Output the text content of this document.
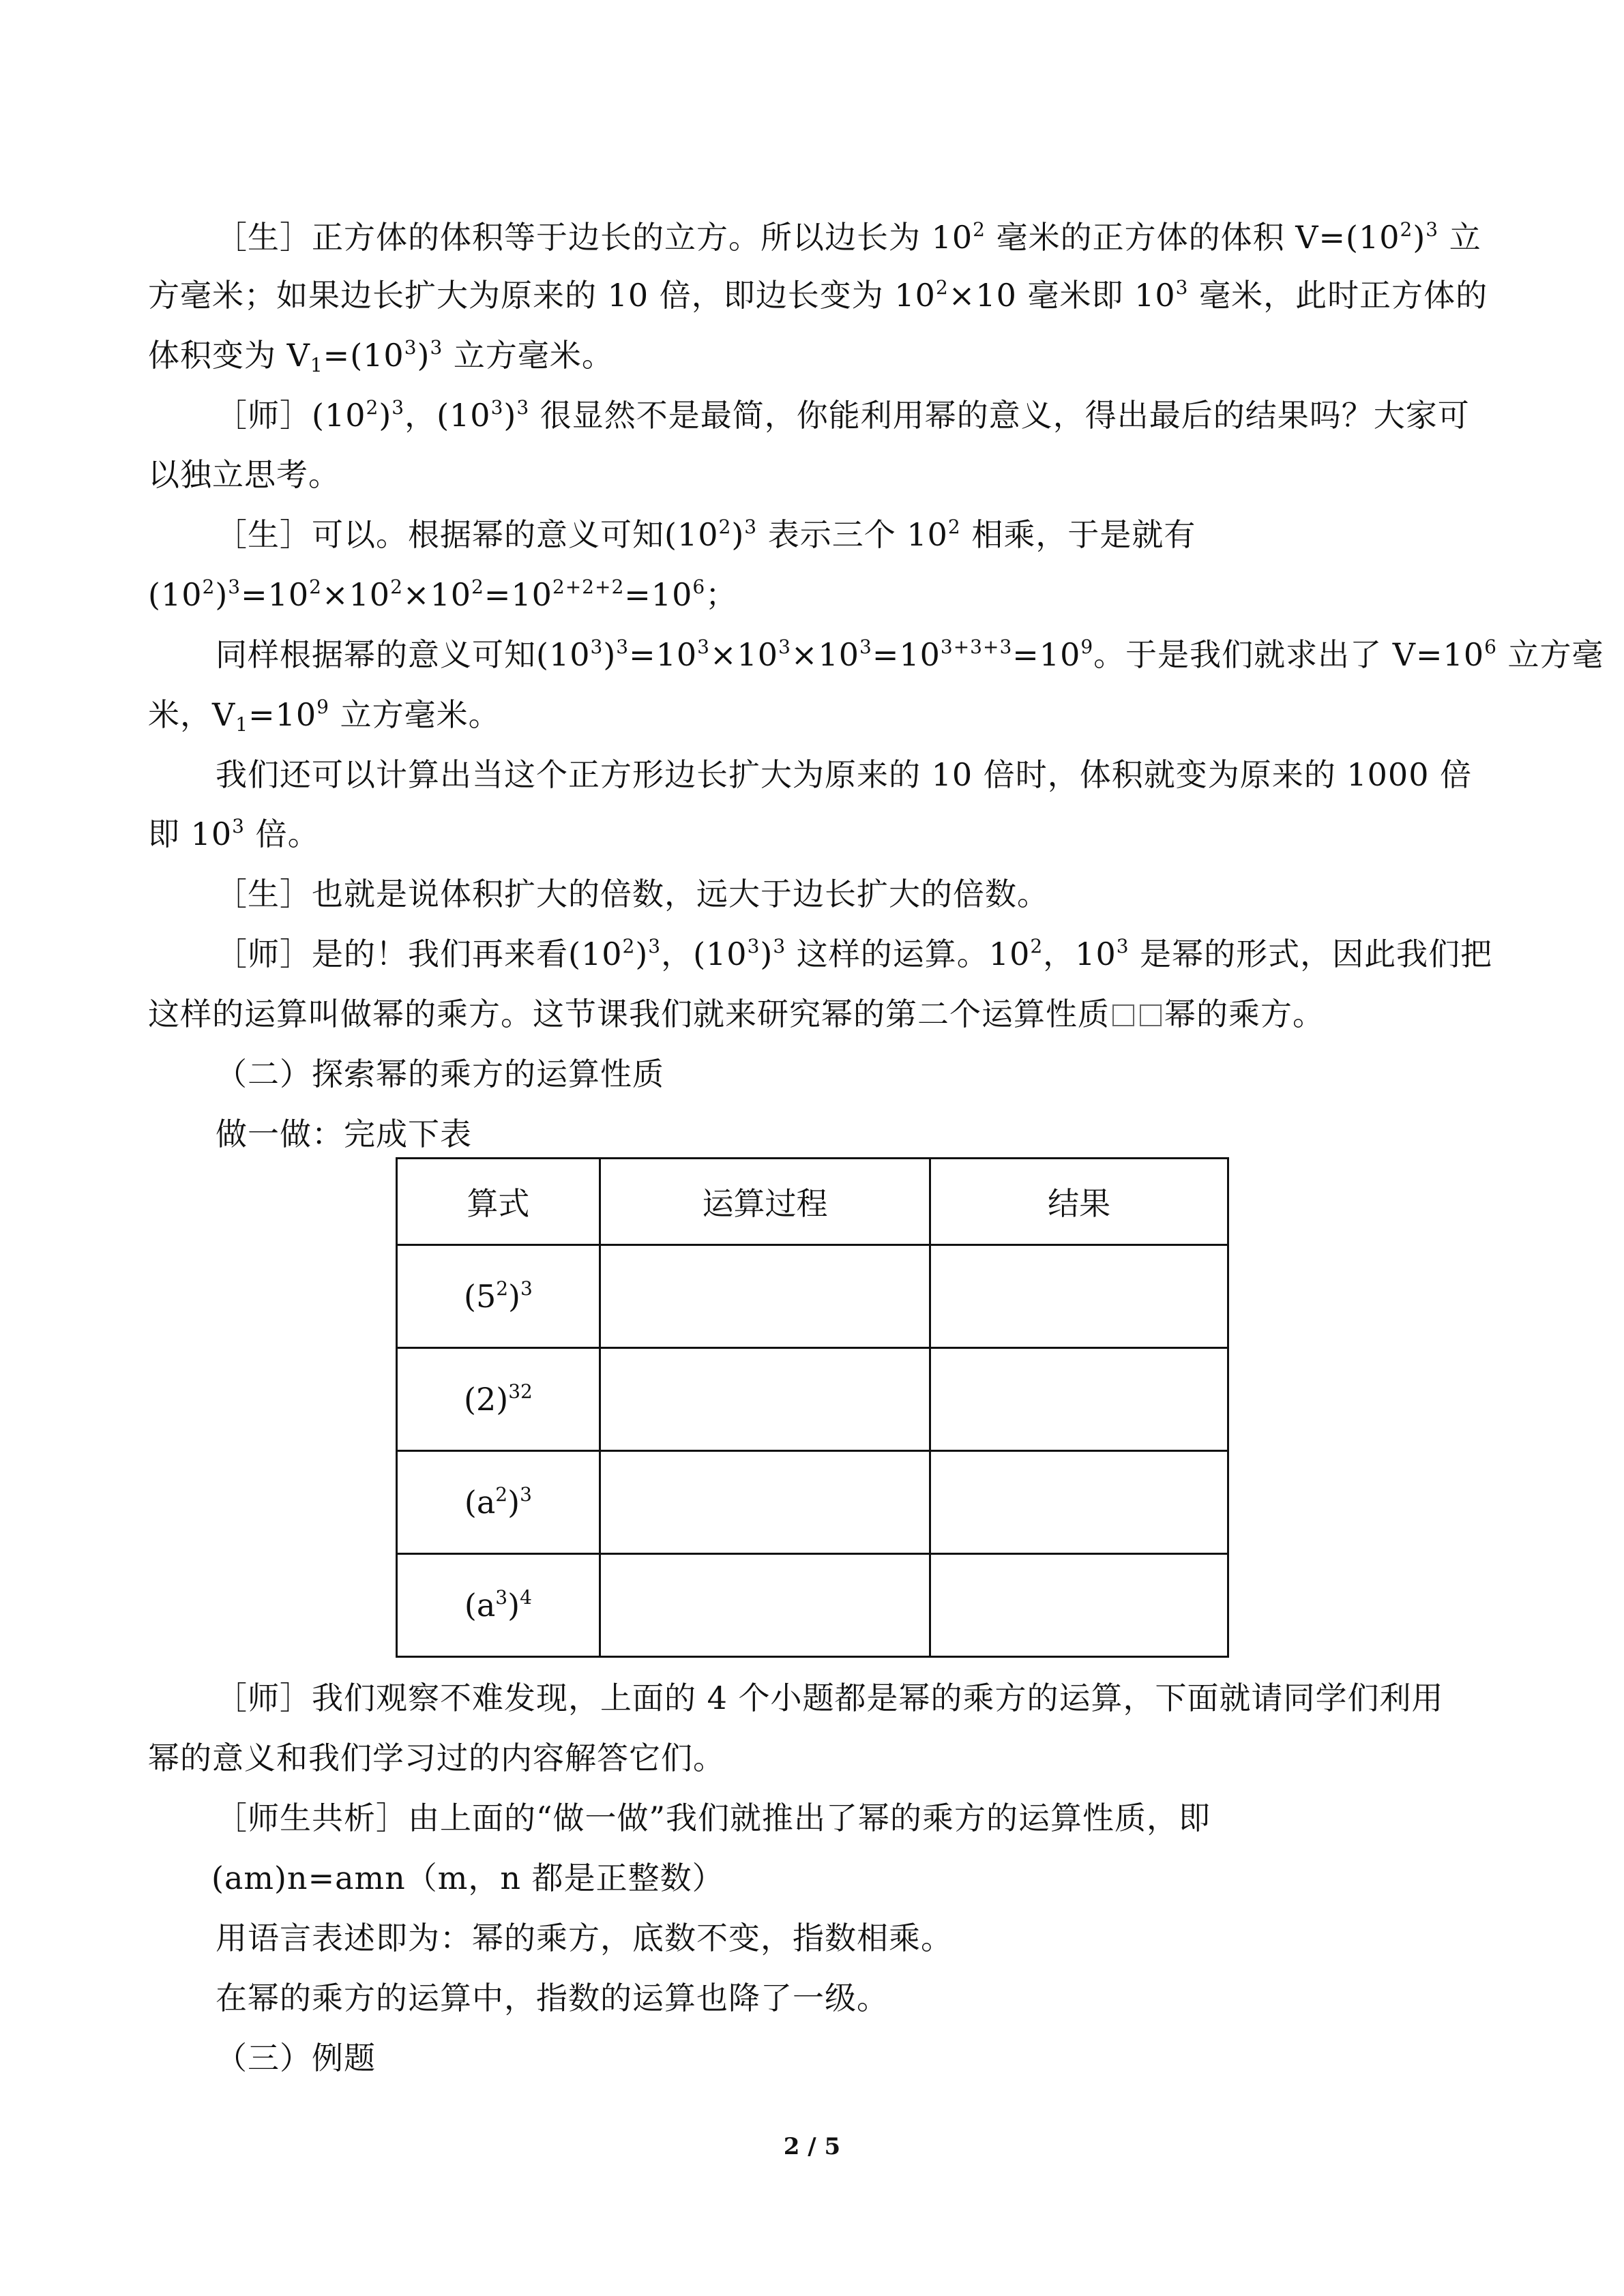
［生］正方体的体积等于边长的立方。所以边长为 $10^2$ 毫米的正方体的体积 $V=(10^2)^3$ 立
方毫米；如果边长扩大为原来的 10 倍，即边长变为 $10^2\times 10$ 毫米即 $10^3$ 毫米，此时正方体的
体积变为 $V_1=(10^3)^3$ 立方毫米。
［师$](10^2)^3$，$(10^3)^3$ 很显然不是最简，你能利用幂的意义，得出最后的结果吗？大家可
以独立思考。
［生］可以。根据幂的意义可知$(10^2)^3$ 表示三个 $10^2$ 相乘，于是就有
$(10^2)^3=10^2\times 10^2\times 10^2=10^{2+2+2}=10^6$；
同样根据幂的意义可知$(10^3)^3=10^3\times 10^3\times 10^3=10^{3+3+3}=10^9$。于是我们就求出了 $V=10^6$ 立方毫
米，$V_1=10^9$ 立方毫米。
我们还可以计算出当这个正方形边长扩大为原来的 10 倍时，体积就变为原来的 1000 倍
即 $10^3$ 倍。
［生］也就是说体积扩大的倍数，远大于边长扩大的倍数。
［师］是的！我们再来看$(10^2)^3$，$(10^3)^3$ 这样的运算。$10^2$，$10^3$ 是幂的形式，因此我们把
这样的运算叫做幂的乘方。这节课我们就来研究幂的第二个运算性质 幂的乘方。
（二）探索幂的乘方的运算性质
做一做：完成下表
算式	运算过程	结果
$(5^2)^3$		
$(2)^{32}$		
$(a^2)^3$		
$(a^3)^4$		
［师］我们观察不难发现，上面的 4 个小题都是幂的乘方的运算，下面就请同学们利用
幂的意义和我们学习过的内容解答它们。
［师生共析］由上面的“做一做”我们就推出了幂的乘方的运算性质，即
(am)n=amn（m，n 都是正整数）
用语言表述即为：幂的乘方，底数不变，指数相乘。
在幂的乘方的运算中，指数的运算也降了一级。
（三）例题
2 / 5
